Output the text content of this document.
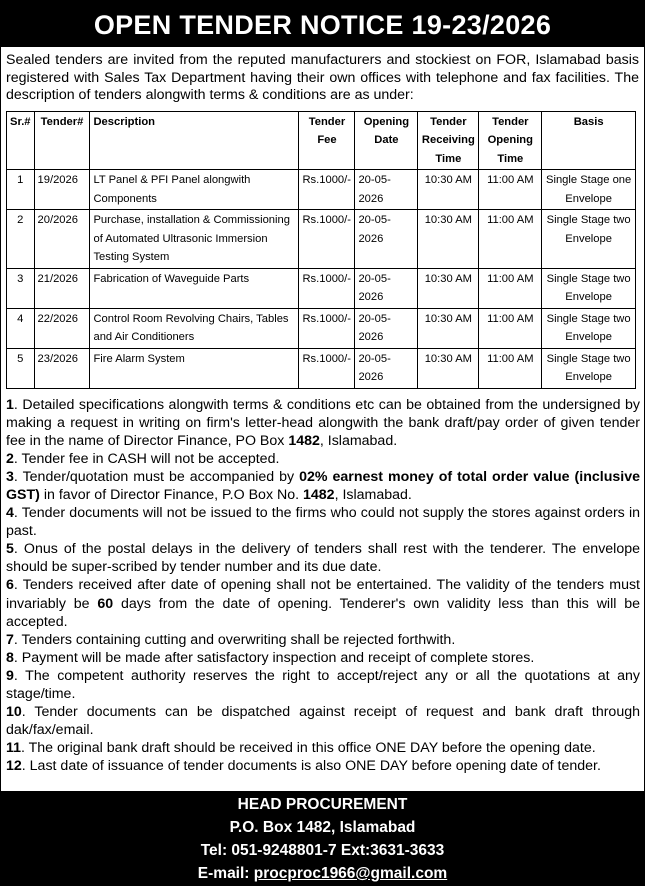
OPEN TENDER NOTICE 19-23/2026
Sealed tenders are invited from the reputed manufacturers and stockiest on FOR, Islamabad basis registered with Sales Tax Department having their own offices with telephone and fax facilities. The description of tenders alongwith terms & conditions are as under:
Sr.#	Tender#	Description	Tender Fee	Opening Date	Tender Receiving Time	Tender Opening Time	Basis
1	19/2026	LT Panel & PFI Panel alongwith Components	Rs.1000/-	20-05-2026	10:30 AM	11:00 AM	Single Stage one Envelope
2	20/2026	Purchase, installation & Commissioning of Automated Ultrasonic Immersion Testing System	Rs.1000/-	20-05-2026	10:30 AM	11:00 AM	Single Stage two Envelope
3	21/2026	Fabrication of Waveguide Parts	Rs.1000/-	20-05-2026	10:30 AM	11:00 AM	Single Stage two Envelope
4	22/2026	Control Room Revolving Chairs, Tables and Air Conditioners	Rs.1000/-	20-05-2026	10:30 AM	11:00 AM	Single Stage two Envelope
5	23/2026	Fire Alarm System	Rs.1000/-	20-05-2026	10:30 AM	11:00 AM	Single Stage two Envelope

1. Detailed specifications alongwith terms & conditions etc can be obtained from the undersigned by making a request in writing on firm's letter-head alongwith the bank draft/pay order of given tender fee in the name of Director Finance, PO Box 1482, Islamabad.

2. Tender fee in CASH will not be accepted.

3. Tender/quotation must be accompanied by 02% earnest money of total order value (inclusive GST) in favor of Director Finance, P.O Box No. 1482, Islamabad.

4. Tender documents will not be issued to the firms who could not supply the stores against orders in past.

5. Onus of the postal delays in the delivery of tenders shall rest with the tenderer. The envelope should be super-scribed by tender number and its due date.

6. Tenders received after date of opening shall not be entertained. The validity of the tenders must invariably be 60 days from the date of opening. Tenderer's own validity less than this will be accepted.

7. Tenders containing cutting and overwriting shall be rejected forthwith.

8. Payment will be made after satisfactory inspection and receipt of complete stores.

9. The competent authority reserves the right to accept/reject any or all the quotations at any stage/time.

10. Tender documents can be dispatched against receipt of request and bank draft through dak/fax/email.

11. The original bank draft should be received in this office ONE DAY before the opening date.

12. Last date of issuance of tender documents is also ONE DAY before opening date of tender.

HEAD PROCUREMENT
P.O. Box 1482, Islamabad
Tel: 051-9248801-7 Ext:3631-3633
E-mail: procproc1966@gmail.com
